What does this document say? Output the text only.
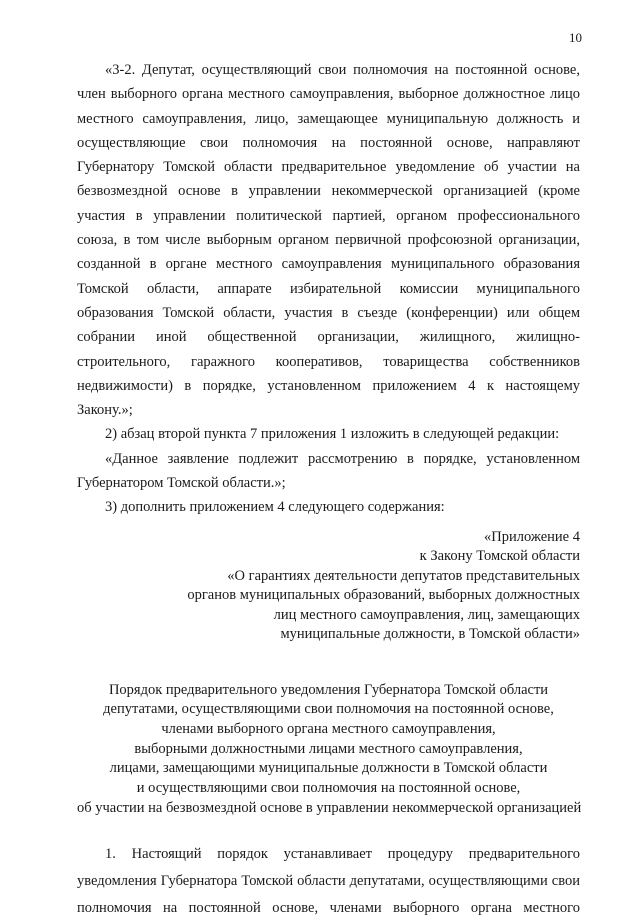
10

«3-2. Депутат, осуществляющий свои полномочия на постоянной основе, член выборного органа местного самоуправления, выборное должностное лицо местного самоуправления, лицо, замещающее муниципальную должность и осуществляющие свои полномочия на постоянной основе, направляют Губернатору Томской области предварительное уведомление об участии на безвозмездной основе в управлении некоммерческой организацией (кроме участия в управлении политической партией, органом профессионального союза, в том числе выборным органом первичной профсоюзной организации, созданной в органе местного самоуправления муниципального образования Томской области, аппарате избирательной комиссии муниципального образования Томской области, участия в съезде (конференции) или общем собрании иной общественной организации, жилищного, жилищно-строительного, гаражного кооперативов, товарищества собственников недвижимости) в порядке, установленном приложением 4 к настоящему Закону.»;

2) абзац второй пункта 7 приложения 1 изложить в следующей редакции:

«Данное заявление подлежит рассмотрению в порядке, установленном Губернатором Томской области.»;

3) дополнить приложением 4 следующего содержания:

«Приложение 4
к Закону Томской области
«О гарантиях деятельности депутатов представительных
органов муниципальных образований, выборных должностных
лиц местного самоуправления, лиц, замещающих
муниципальные должности, в Томской области»
Порядок предварительного уведомления Губернатора Томской области
депутатами, осуществляющими свои полномочия на постоянной основе,
членами выборного органа местного самоуправления,
выборными должностными лицами местного самоуправления,
лицами, замещающими муниципальные должности в Томской области
и осуществляющими свои полномочия на постоянной основе,
об участии на безвозмездной основе в управлении некоммерческой организацией

1. Настоящий порядок устанавливает процедуру предварительного уведомления Губернатора Томской области депутатами, осуществляющими свои полномочия на постоянной основе, членами выборного органа местного
